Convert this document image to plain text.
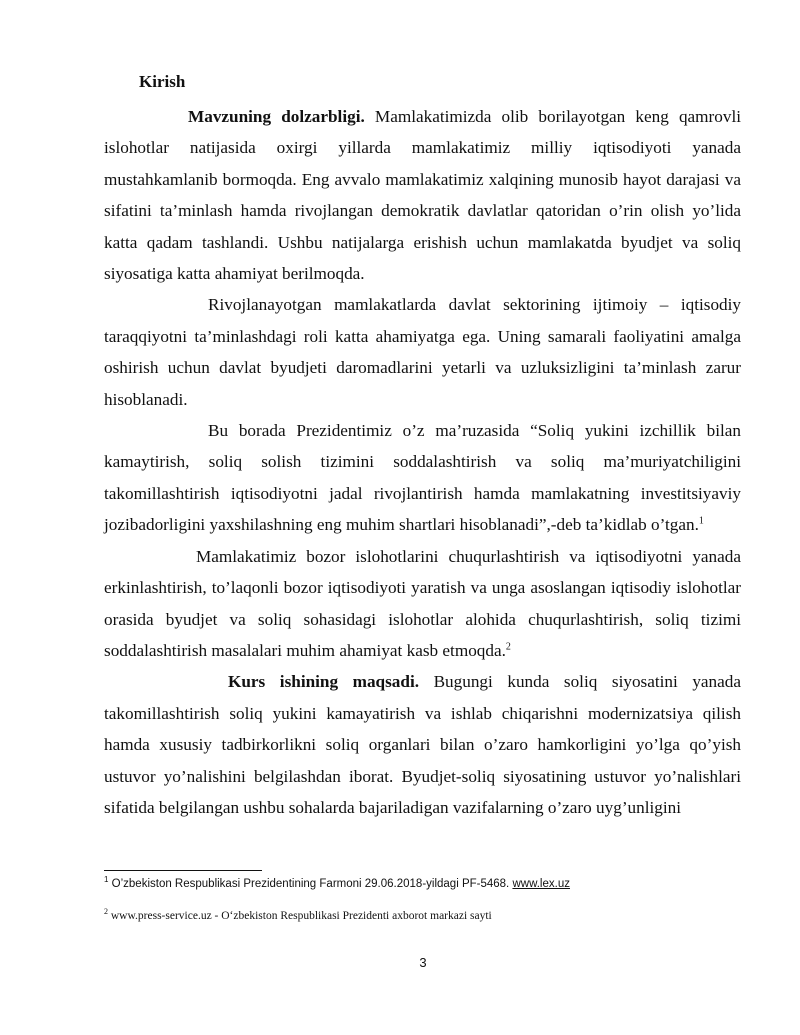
Kirish

Mavzuning dolzarbligi. Mamlakatimizda olib borilayotgan keng qamrovli islohotlar natijasida oxirgi yillarda mamlakatimiz milliy iqtisodiyoti yanada mustahkamlanib bormoqda. Eng avvalo mamlakatimiz xalqining munosib hayot darajasi va sifatini ta’minlash hamda rivojlangan demokratik davlatlar qatoridan o’rin olish yo’lida katta qadam tashlandi. Ushbu natijalarga erishish uchun mamlakatda byudjet va soliq siyosatiga katta ahamiyat berilmoqda.

Rivojlanayotgan mamlakatlarda davlat sektorining ijtimoiy – iqtisodiy taraqqiyotni ta’minlashdagi roli katta ahamiyatga ega. Uning samarali faoliyatini amalga oshirish uchun davlat byudjeti daromadlarini yetarli va uzluksizligini ta’minlash zarur hisoblanadi.

Bu borada Prezidentimiz o’z ma’ruzasida “Soliq yukini izchillik bilan kamaytirish, soliq solish tizimini soddalashtirish va soliq ma’muriyatchiligini takomillashtirish iqtisodiyotni jadal rivojlantirish hamda mamlakatning investitsiyaviy jozibadorligini yaxshilashning eng muhim shartlari hisoblanadi”,-deb ta’kidlab o’tgan.$^1$

Mamlakatimiz bozor islohotlarini chuqurlashtirish va iqtisodiyotni yanada erkinlashtirish, to’laqonli bozor iqtisodiyoti yaratish va unga asoslangan iqtisodiy islohotlar orasida byudjet va soliq sohasidagi islohotlar alohida chuqurlashtirish, soliq tizimi soddalashtirish masalalari muhim ahamiyat kasb etmoqda.$^2$

Kurs ishining maqsadi. Bugungi kunda soliq siyosatini yanada takomillashtirish soliq yukini kamayatirish va ishlab chiqarishni modernizatsiya qilish hamda xususiy tadbirkorlikni soliq organlari bilan o’zaro hamkorligini yo’lga qo’yish ustuvor yo’nalishini belgilashdan iborat. Byudjet-soliq siyosatining ustuvor yo’nalishlari sifatida belgilangan ushbu sohalarda bajariladigan vazifalarning o’zaro uyg’unligini

$^1$ O’zbekiston Respublikasi Prezidentining Farmoni 29.06.2018-yildagi PF-5468. www.lex.uz

$^2$ www.press-service.uz - O‘zbekiston Respublikasi Prezidenti axborot markazi sayti

3
